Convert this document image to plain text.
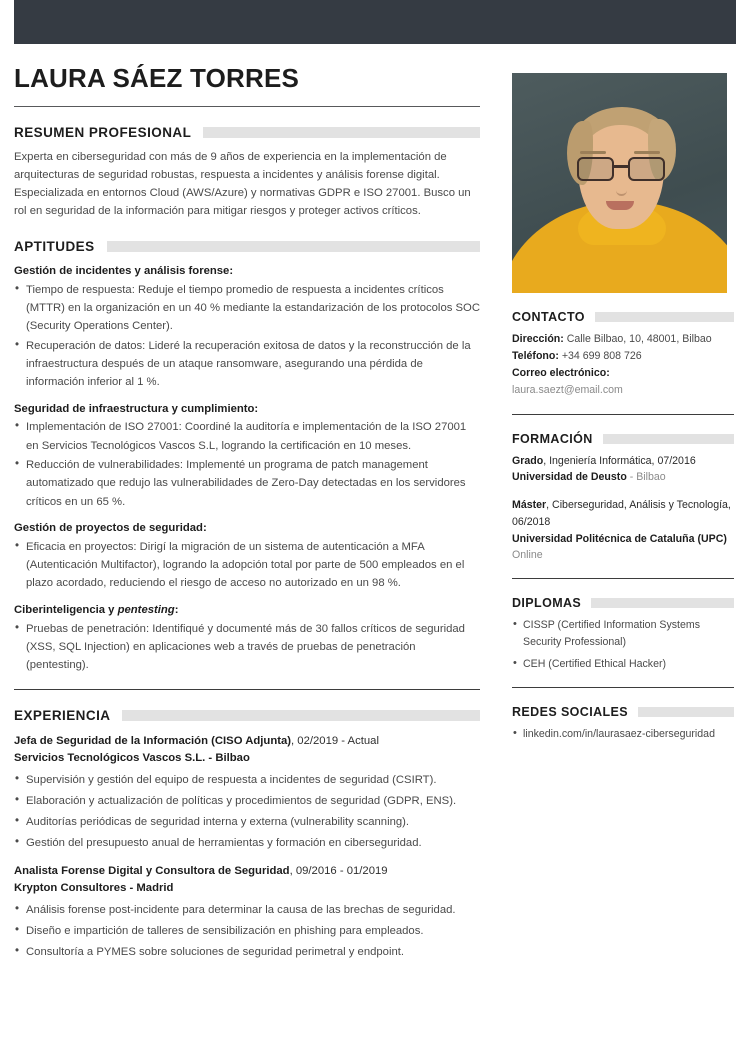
LAURA SÁEZ TORRES
RESUMEN PROFESIONAL

Experta en ciberseguridad con más de 9 años de experiencia en la implementación de arquitecturas de seguridad robustas, respuesta a incidentes y análisis forense digital. Especializada en entornos Cloud (AWS/Azure) y normativas GDPR e ISO 27001. Busco un rol en seguridad de la información para mitigar riesgos y proteger activos críticos.

APTITUDES
Gestión de incidentes y análisis forense:
• Tiempo de respuesta: Reduje el tiempo promedio de respuesta a incidentes críticos (MTTR) en la organización en un 40 % mediante la estandarización de los protocolos SOC (Security Operations Center).
• Recuperación de datos: Lideré la recuperación exitosa de datos y la reconstrucción de la infraestructura después de un ataque ransomware, asegurando una pérdida de información inferior al 1 %.
Seguridad de infraestructura y cumplimiento:
• Implementación de ISO 27001: Coordiné la auditoría e implementación de la ISO 27001 en Servicios Tecnológicos Vascos S.L, logrando la certificación en 10 meses.
• Reducción de vulnerabilidades: Implementé un programa de patch management automatizado que redujo las vulnerabilidades de Zero-Day detectadas en los servidores críticos en un 65 %.
Gestión de proyectos de seguridad:
• Eficacia en proyectos: Dirigí la migración de un sistema de autenticación a MFA (Autenticación Multifactor), logrando la adopción total por parte de 500 empleados en el plazo acordado, reduciendo el riesgo de acceso no autorizado en un 98 %.
Ciberinteligencia y pentesting:
• Pruebas de penetración: Identifiqué y documenté más de 30 fallos críticos de seguridad (XSS, SQL Injection) en aplicaciones web a través de pruebas de penetración (pentesting).
EXPERIENCIA
Jefa de Seguridad de la Información (CISO Adjunta), 02/2019 - Actual
Servicios Tecnológicos Vascos S.L. - Bilbao
• Supervisión y gestión del equipo de respuesta a incidentes de seguridad (CSIRT).
• Elaboración y actualización de políticas y procedimientos de seguridad (GDPR, ENS).
• Auditorías periódicas de seguridad interna y externa (vulnerability scanning).
• Gestión del presupuesto anual de herramientas y formación en ciberseguridad.
Analista Forense Digital y Consultora de Seguridad, 09/2016 - 01/2019
Krypton Consultores - Madrid
• Análisis forense post-incidente para determinar la causa de las brechas de seguridad.
• Diseño e impartición de talleres de sensibilización en phishing para empleados.
• Consultoría a PYMES sobre soluciones de seguridad perimetral y endpoint.
CONTACTO
Dirección: Calle Bilbao, 10, 48001, Bilbao
Teléfono: +34 699 808 726
Correo electrónico:
laura.saezt@email.com
FORMACIÓN
Grado, Ingeniería Informática, 07/2016
Universidad de Deusto - Bilbao
Máster, Ciberseguridad, Análisis y Tecnología, 06/2018
Universidad Politécnica de Cataluña (UPC)
Online
DIPLOMAS
• CISSP (Certified Information Systems Security Professional)
• CEH (Certified Ethical Hacker)
REDES SOCIALES
• linkedin.com/in/laurasaez-ciberseguridad
